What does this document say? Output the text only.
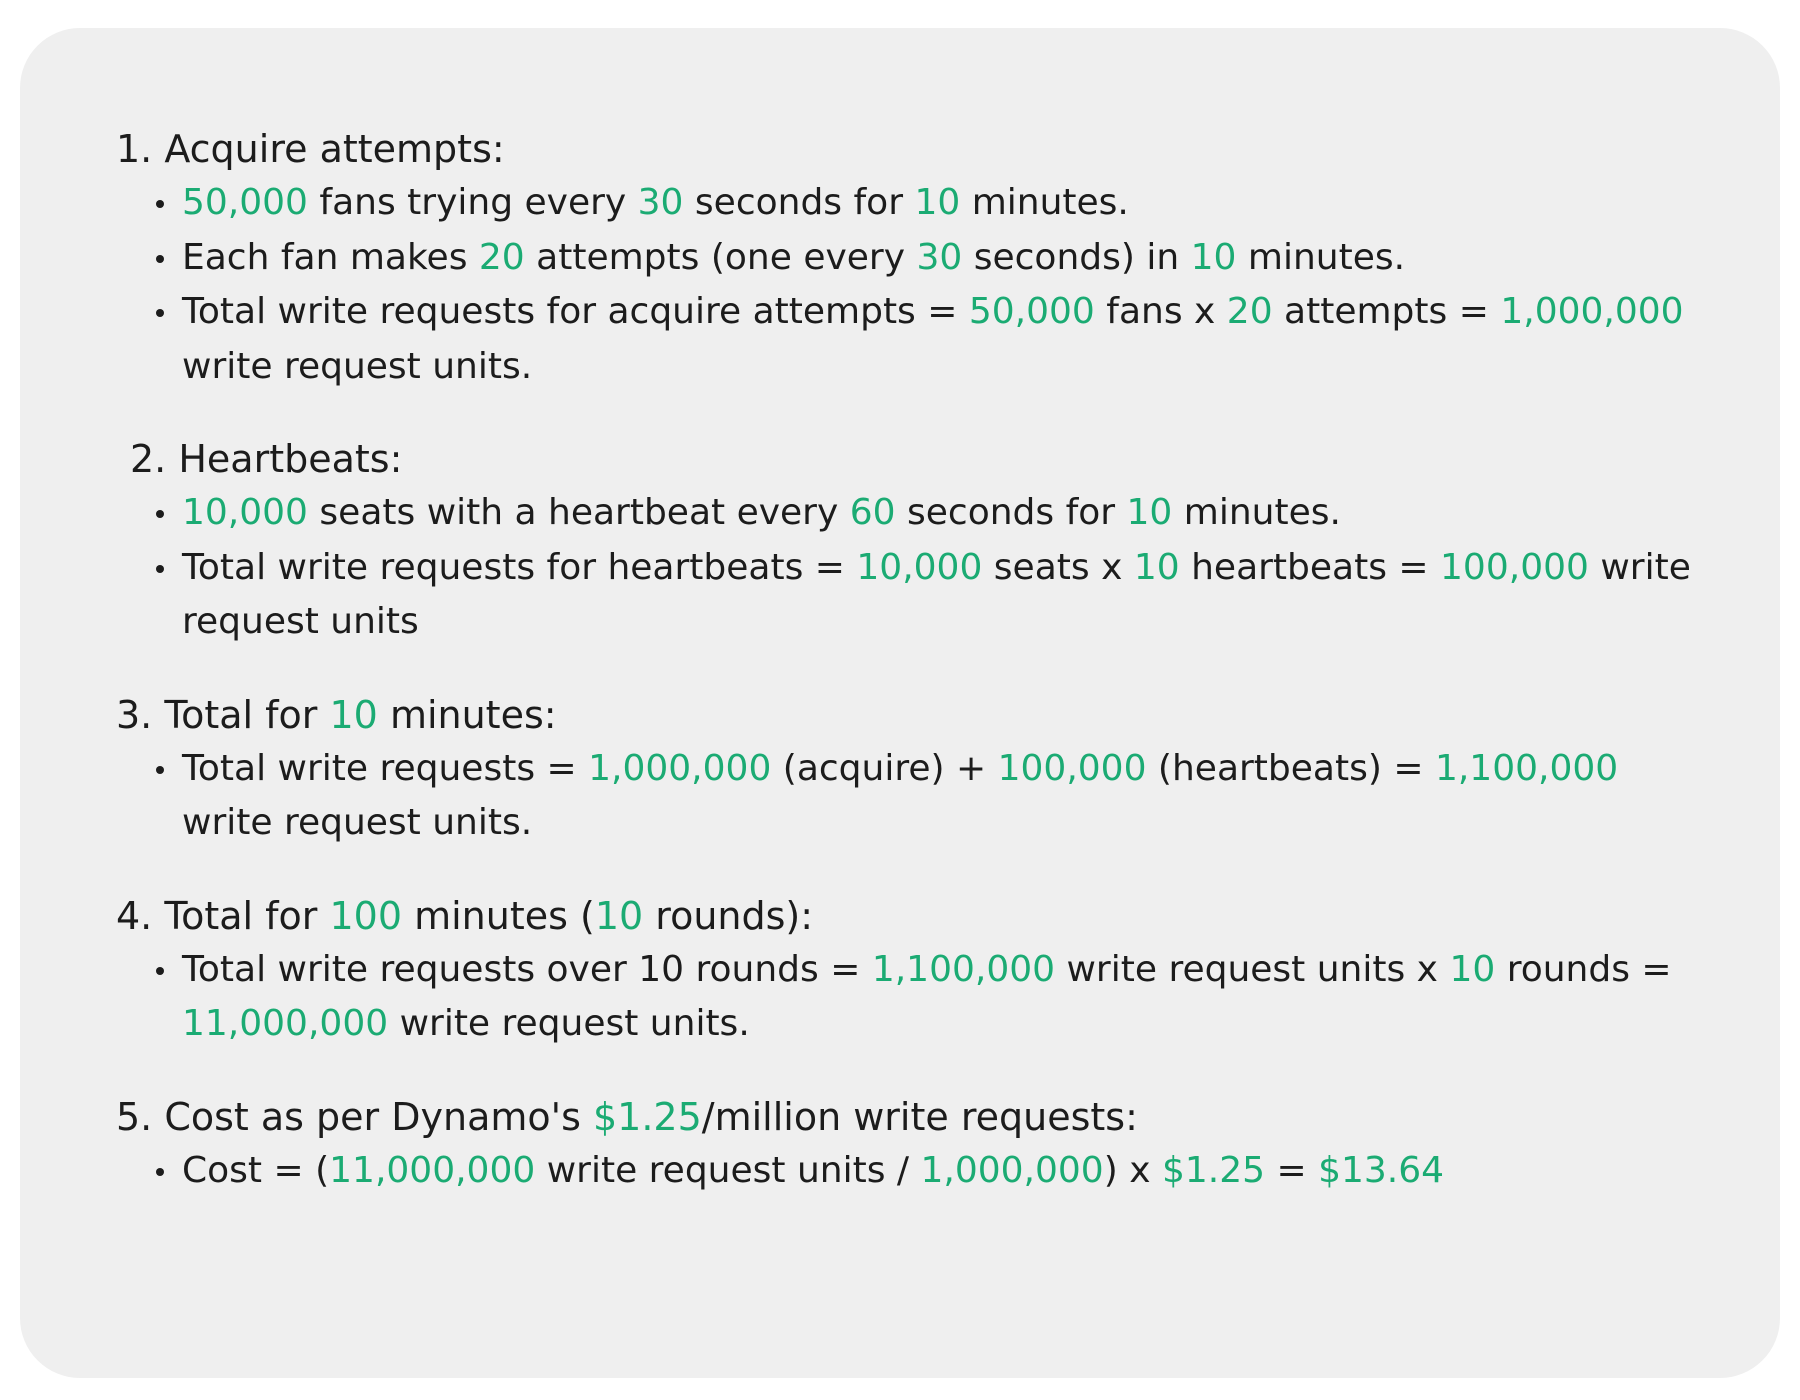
1. Acquire attempts:

50,000 fans trying every 30 seconds for 10 minutes.
Each fan makes 20 attempts (one every 30 seconds) in 10 minutes.
Total write requests for acquire attempts = 50,000 fans x 20 attempts = 1,000,000 write request units.

2. Heartbeats:

10,000 seats with a heartbeat every 60 seconds for 10 minutes.
Total write requests for heartbeats = 10,000 seats x 10 heartbeats = 100,000 write request units

3. Total for 10 minutes:

Total write requests = 1,000,000 (acquire) + 100,000 (heartbeats) = 1,100,000 write request units.

4. Total for 100 minutes (10 rounds):

Total write requests over 10 rounds = 1,100,000 write request units x 10 rounds = 11,000,000 write request units.

5. Cost as per Dynamo's $1.25/million write requests:

Cost = (11,000,000 write request units / 1,000,000) x $1.25 = $13.64
